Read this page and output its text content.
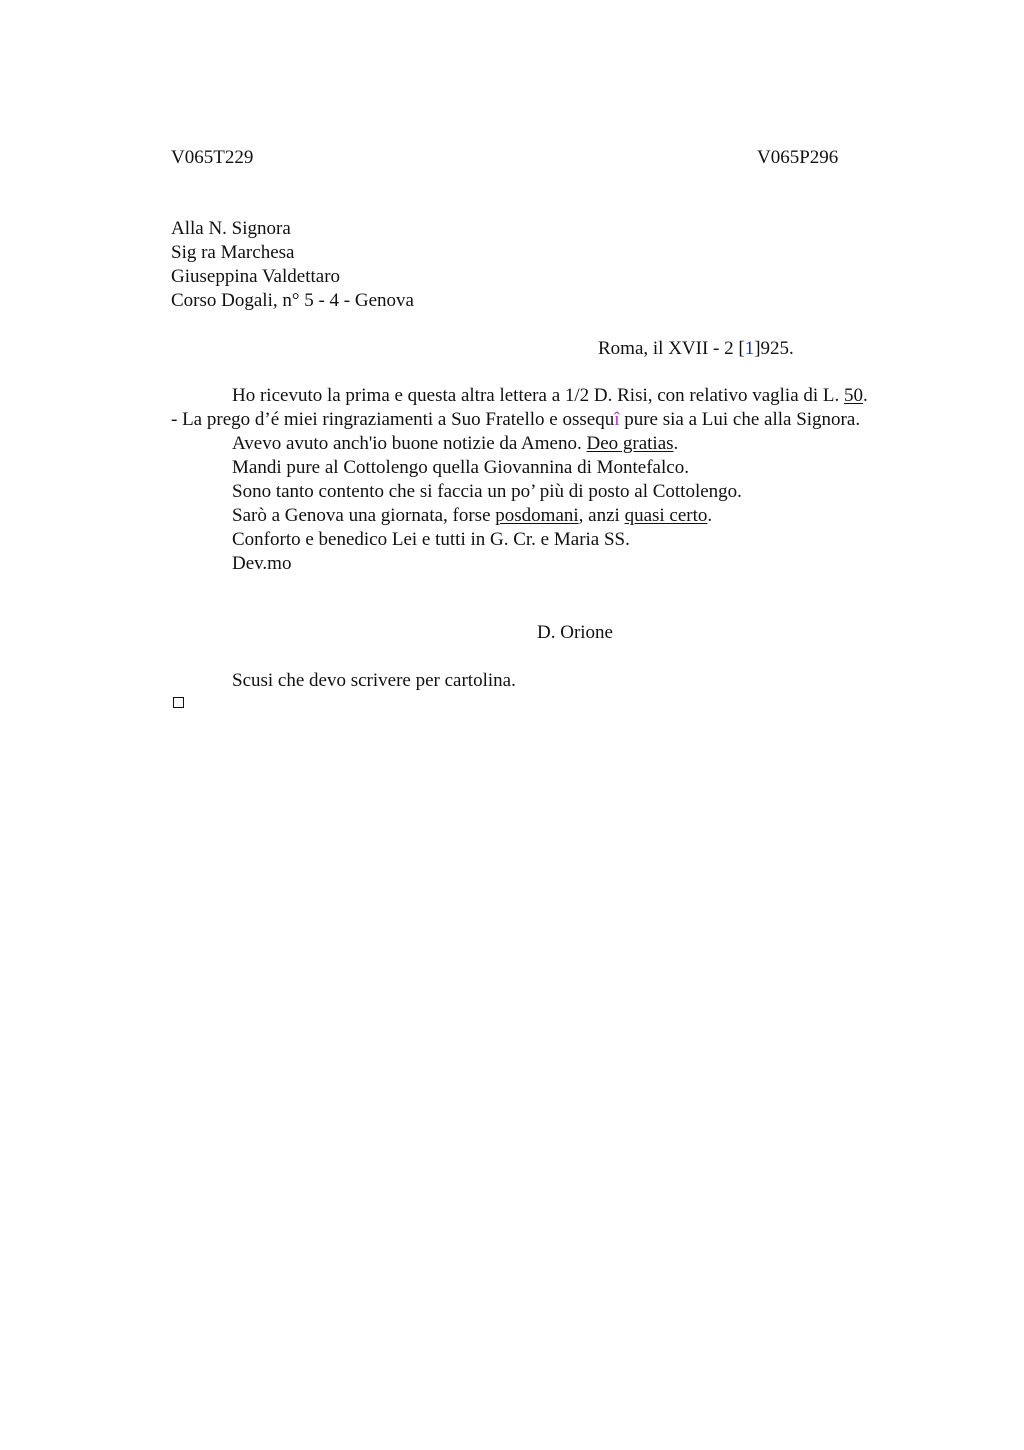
V065T229	V065P296
Alla N. Signora
Sig ra Marchesa
Giuseppina Valdettaro
Corso Dogali, n° 5 - 4 - Genova
Roma, il XVII - 2 [1]925.
Ho ricevuto la prima e questa altra lettera a 1/2 D. Risi, con relativo vaglia di L. 50.
- La prego d’é miei ringraziamenti a Suo Fratello e ossequî pure sia a Lui che alla Signora.
Avevo avuto anch'io buone notizie da Ameno. Deo gratias.
Mandi pure al Cottolengo quella Giovannina di Montefalco.
Sono tanto contento che si faccia un po’ più di posto al Cottolengo.
Sarò a Genova una giornata, forse posdomani, anzi quasi certo.
Conforto e benedico Lei e tutti in G. Cr. e Maria SS.
Dev.mo
D. Orione
Scusi che devo scrivere per cartolina.
